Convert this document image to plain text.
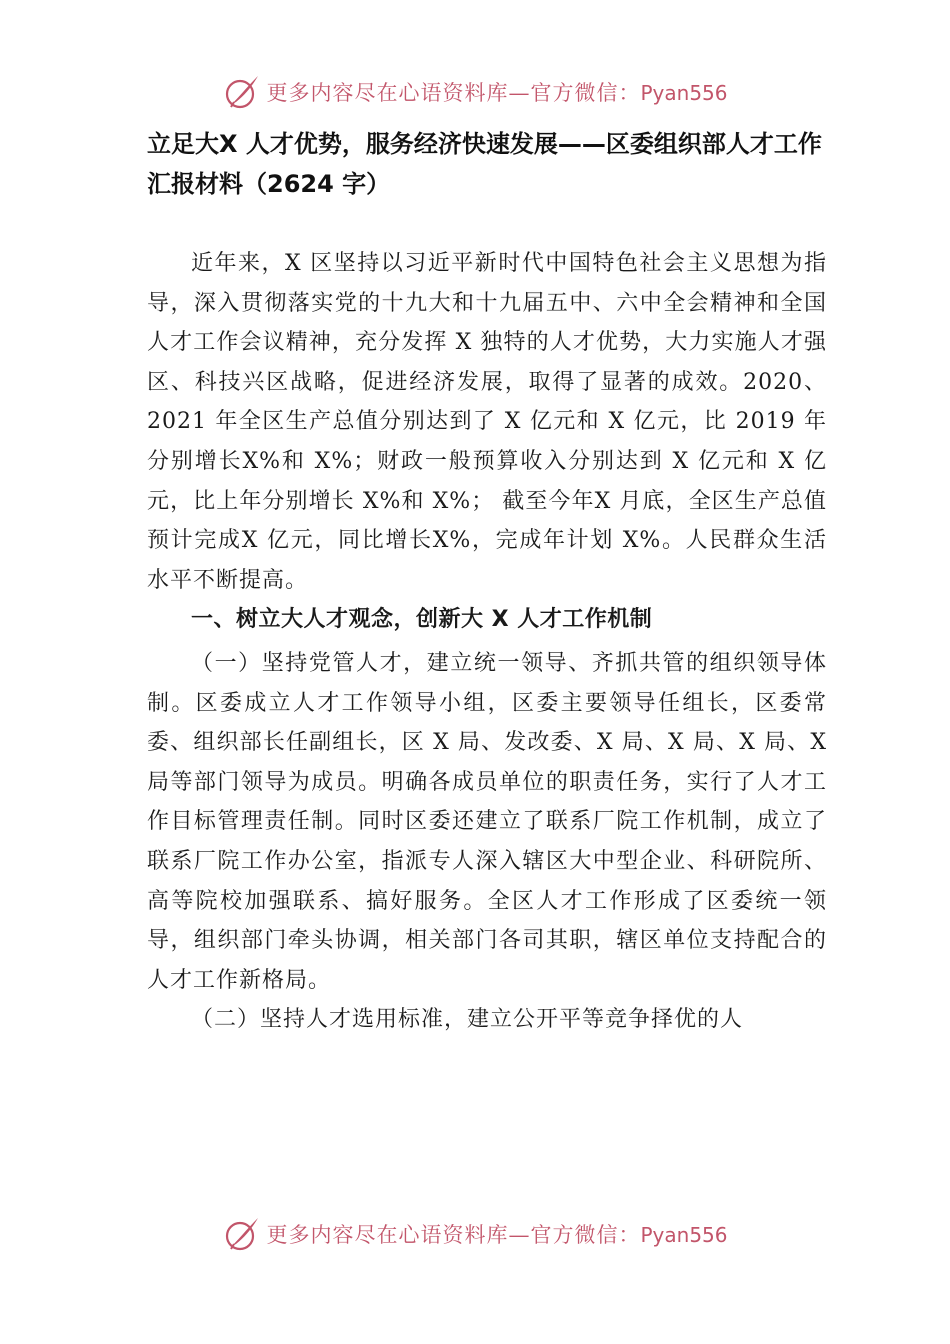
更多内容尽在心语资料库—官方微信：Pyan556
立足大X 人才优势，服务经济快速发展——区委组织部人才工作汇报材料（2624 字）

近年来，X 区坚持以习近平新时代中国特色社会主义思想为指导，深入贯彻落实党的十九大和十九届五中、六中全会精神和全国人才工作会议精神，充分发挥 X 独特的人才优势，大力实施人才强区、科技兴区战略，促进经济发展，取得了显著的成效。2020、2021 年全区生产总值分别达到了 X 亿元和 X 亿元，比 2019 年分别增长X%和 X%；财政一般预算收入分别达到 X 亿元和 X 亿元，比上年分别增长 X%和 X%； 截至今年X 月底，全区生产总值预计完成X 亿元，同比增长X%，完成年计划 X%。人民群众生活水平不断提高。

一、树立大人才观念，创新大 X 人才工作机制

（一）坚持党管人才，建立统一领导、齐抓共管的组织领导体制。区委成立人才工作领导小组，区委主要领导任组长，区委常委、组织部长任副组长，区 X 局、发改委、X 局、X 局、X 局、X 局等部门领导为成员。明确各成员单位的职责任务，实行了人才工作目标管理责任制。同时区委还建立了联系厂院工作机制，成立了联系厂院工作办公室，指派专人深入辖区大中型企业、科研院所、高等院校加强联系、搞好服务。全区人才工作形成了区委统一领导，组织部门牵头协调，相关部门各司其职，辖区单位支持配合的人才工作新格局。

（二）坚持人才选用标准，建立公开平等竞争择优的人

更多内容尽在心语资料库—官方微信：Pyan556
